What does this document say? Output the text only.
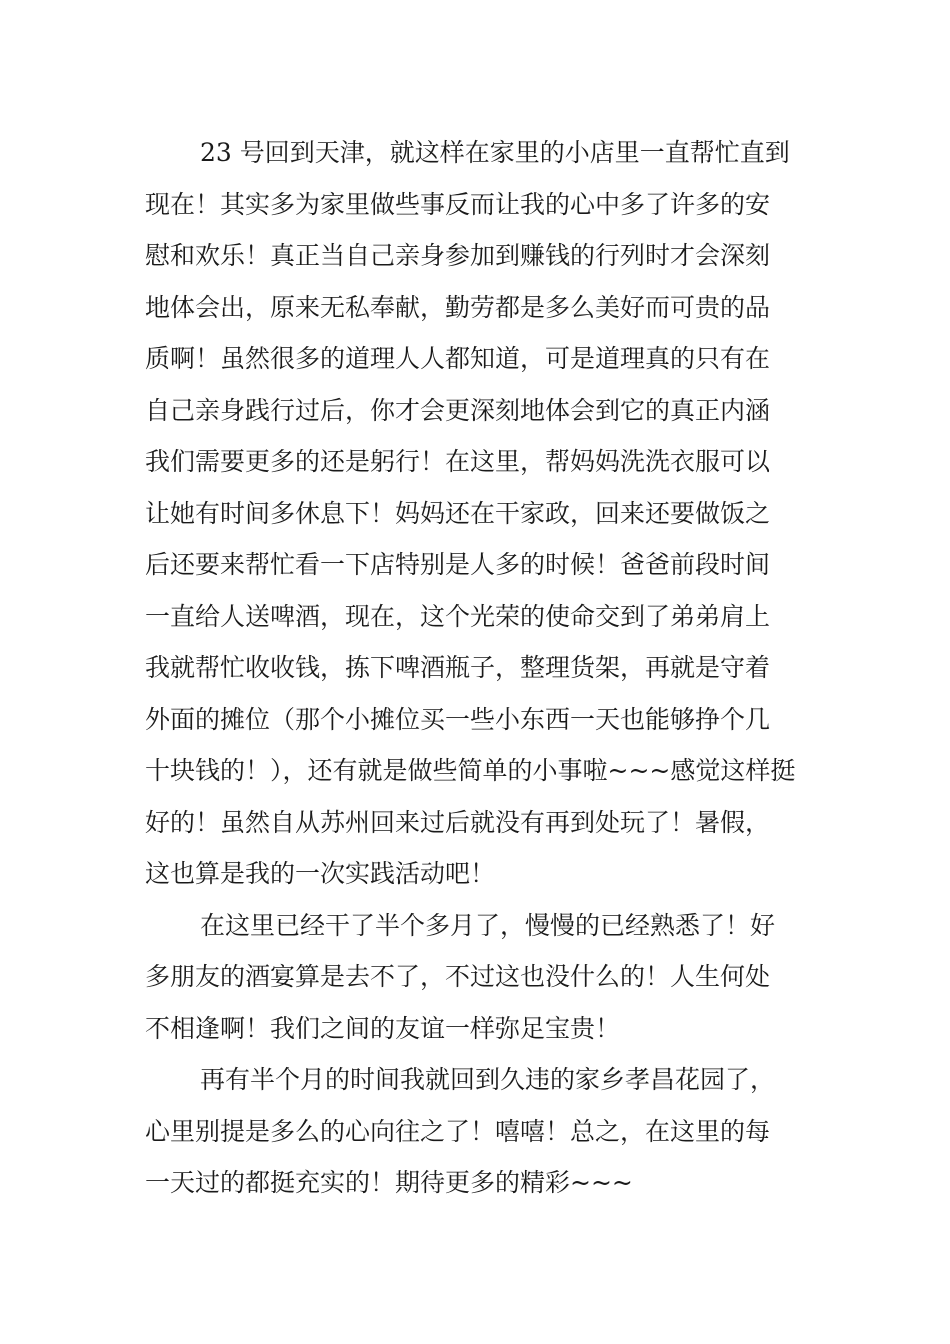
23 号回到天津，就这样在家里的小店里一直帮忙直到
现在！其实多为家里做些事反而让我的心中多了许多的安
慰和欢乐！真正当自己亲身参加到赚钱的行列时才会深刻
地体会出，原来无私奉献，勤劳都是多么美好而可贵的品
质啊！虽然很多的道理人人都知道，可是道理真的只有在
自己亲身践行过后，你才会更深刻地体会到它的真正内涵
我们需要更多的还是躬行！在这里，帮妈妈洗洗衣服可以
让她有时间多休息下！妈妈还在干家政，回来还要做饭之
后还要来帮忙看一下店特别是人多的时候！爸爸前段时间
一直给人送啤酒，现在，这个光荣的使命交到了弟弟肩上
我就帮忙收收钱，拣下啤酒瓶子，整理货架，再就是守着
外面的摊位（那个小摊位买一些小东西一天也能够挣个几
十块钱的！），还有就是做些简单的小事啦~~~感觉这样挺
好的！虽然自从苏州回来过后就没有再到处玩了！暑假，
这也算是我的一次实践活动吧！
在这里已经干了半个多月了，慢慢的已经熟悉了！好
多朋友的酒宴算是去不了，不过这也没什么的！人生何处
不相逢啊！我们之间的友谊一样弥足宝贵！
再有半个月的时间我就回到久违的家乡孝昌花园了，
心里别提是多么的心向往之了！嘻嘻！总之，在这里的每
一天过的都挺充实的！期待更多的精彩~~~
